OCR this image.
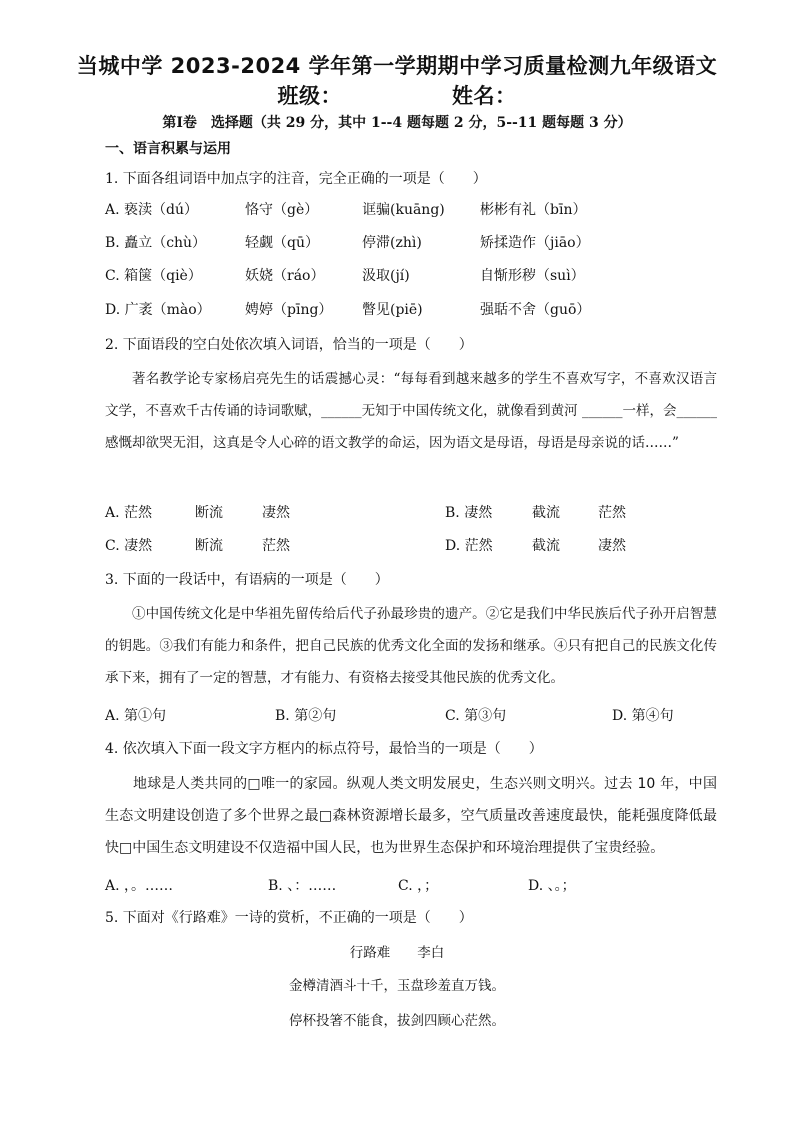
当城中学 2023-2024 学年第一学期期中学习质量检测九年级语文
班级：	姓名：
第Ⅰ卷　选择题（共 29 分，其中 1--4 题每题 2 分，5--11 题每题 3 分）
一、语言积累与运用
1. 下面各组词语中加点字的注音，完全正确的一项是（　　）
A. 亵渎（dú）	恪守（gè）	诓骗(kuāng)	彬彬有礼（bīn）
B. 矗立（chù）	轻觑（qū）	停滞(zhì)	矫揉造作（jiāo）
C. 箱箧（qiè）	妖娆（ráo）	汲取(jí)	自惭形秽（suì）
D. 广袤（mào） 娉婷（pīng） 瞥见(piē)	强聒不舍（guō）
2. 下面语段的空白处依次填入词语，恰当的一项是（　　）
著名教学论专家杨启亮先生的话震撼心灵：“每每看到越来越多的学生不喜欢写字，不喜欢汉语言文学，不喜欢千古传诵的诗词歌赋，______无知于中国传统文化，就像看到黄河 ______一样，会______感慨却欲哭无泪，这真是令人心碎的语文教学的命运，因为语文是母语，母语是母亲说的话……”
A. 茫然	断流	凄然	B. 凄然	截流	茫然
C. 凄然	断流	茫然	D. 茫然	截流	凄然
3. 下面的一段话中，有语病的一项是（　　）
①中国传统文化是中华祖先留传给后代子孙最珍贵的遗产。②它是我们中华民族后代子孙开启智慧的钥匙。③我们有能力和条件，把自己民族的优秀文化全面的发扬和继承。④只有把自己的民族文化传承下来，拥有了一定的智慧，才有能力、有资格去接受其他民族的优秀文化。
A. 第①句	B. 第②句	C. 第③句	D. 第④句
4. 依次填入下面一段文字方框内的标点符号，最恰当的一项是（　　）
地球是人类共同的□唯一的家园。纵观人类文明发展史，生态兴则文明兴。过去 10 年，中国生态文明建设创造了多个世界之最□森林资源增长最多，空气质量改善速度最快，能耗强度降低最快□中国生态文明建设不仅造福中国人民，也为世界生态保护和环境治理提供了宝贵经验。
A. ，。……	B. 、：……	C. ，；	D. 、。；
5. 下面对《行路难》一诗的赏析，不正确的一项是（　　）
行路难　　李白
金樽清酒斗十千，玉盘珍羞直万钱。
停杯投箸不能食，拔剑四顾心茫然。
